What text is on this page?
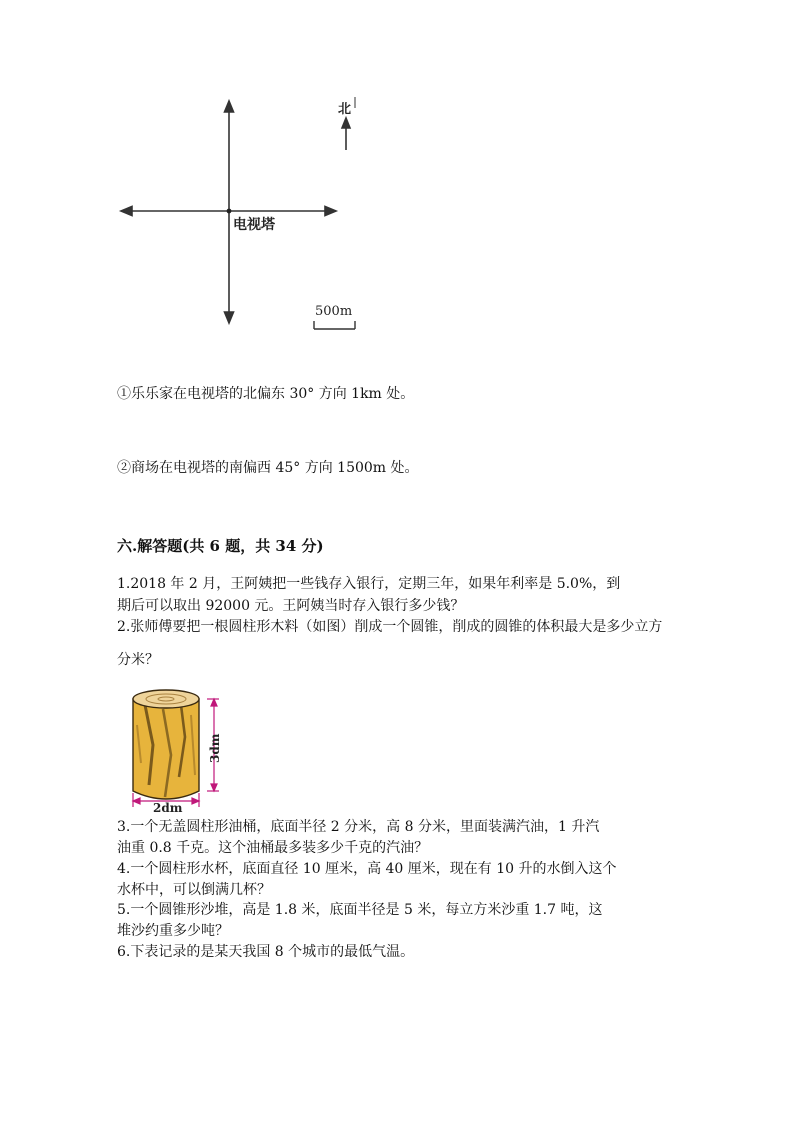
北
电视塔
500m
①乐乐家在电视塔的北偏东 30° 方向 1km 处。
②商场在电视塔的南偏西 45° 方向 1500m 处。
六.解答题(共 6 题，共 34 分)
1.2018 年 2 月，王阿姨把一些钱存入银行，定期三年，如果年利率是 5.0%，到
期后可以取出 92000 元。王阿姨当时存入银行多少钱？
2.张师傅要把一根圆柱形木料（如图）削成一个圆锥，削成的圆锥的体积最大是多少立方
分米？
3dm
2dm
3.一个无盖圆柱形油桶，底面半径 2 分米，高 8 分米，里面装满汽油，1 升汽
油重 0.8 千克。这个油桶最多装多少千克的汽油？
4.一个圆柱形水杯，底面直径 10 厘米，高 40 厘米，现在有 10 升的水倒入这个
水杯中，可以倒满几杯？
5.一个圆锥形沙堆，高是 1.8 米，底面半径是 5 米，每立方米沙重 1.7 吨，这
堆沙约重多少吨？
6.下表记录的是某天我国 8 个城市的最低气温。
